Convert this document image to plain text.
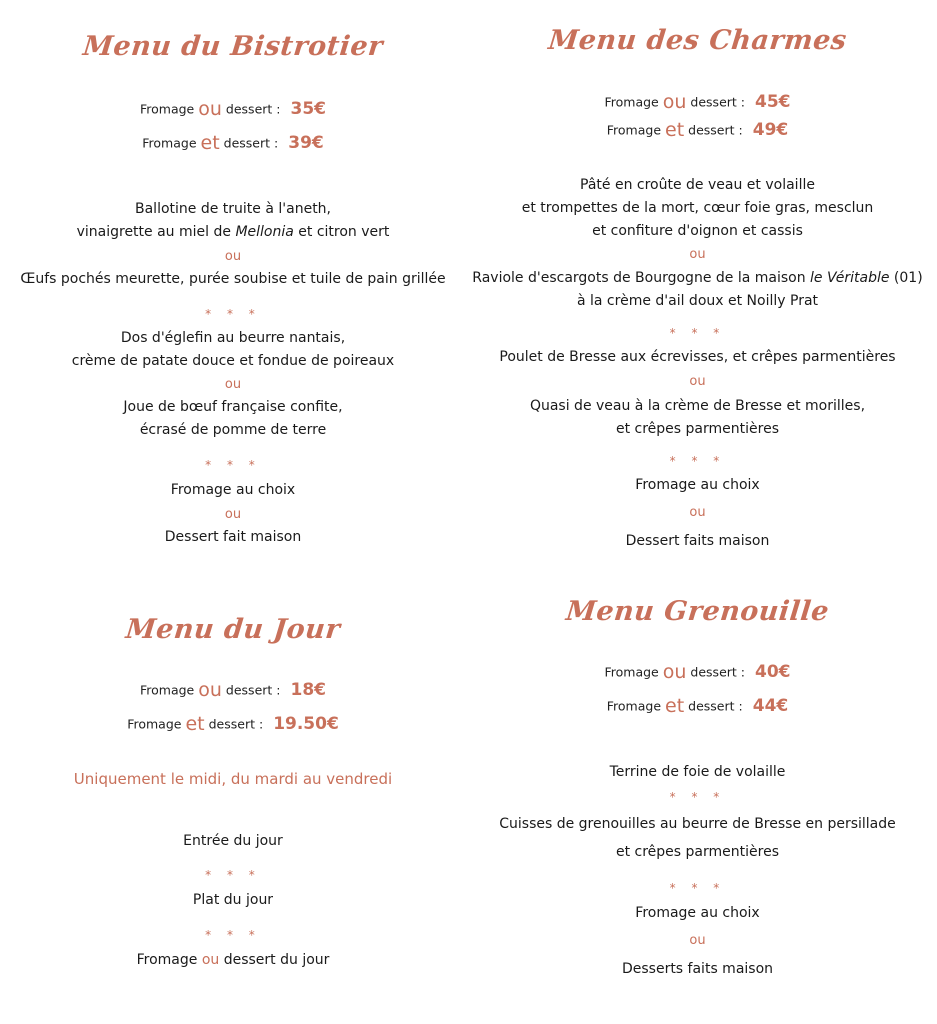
Menu du Bistrotier
Fromage ou dessert : 35€
Fromage et dessert : 39€
Ballotine de truite à l'aneth,
vinaigrette au miel de Mellonia et citron vert
ou
Œufs pochés meurette, purée soubise et tuile de pain grillée
* * *
Dos d'églefin au beurre nantais,
crème de patate douce et fondue de poireaux
ou
Joue de bœuf française confite,
écrasé de pomme de terre
* * *
Fromage au choix
ou
Dessert fait maison
Menu des Charmes
Fromage ou dessert : 45€
Fromage et dessert : 49€
Pâté en croûte de veau et volaille
et trompettes de la mort, cœur foie gras, mesclun
et confiture d'oignon et cassis
ou
Raviole d'escargots de Bourgogne de la maison le Véritable (01)
à la crème d'ail doux et Noilly Prat
* * *
Poulet de Bresse aux écrevisses, et crêpes parmentières
ou
Quasi de veau à la crème de Bresse et morilles,
et crêpes parmentières
* * *
Fromage au choix
ou
Dessert faits maison
Menu du Jour
Fromage ou dessert : 18€
Fromage et dessert : 19.50€
Uniquement le midi, du mardi au vendredi
Entrée du jour
* * *
Plat du jour
* * *
Fromage ou dessert du jour
Menu Grenouille
Fromage ou dessert : 40€
Fromage et dessert : 44€
Terrine de foie de volaille
* * *
Cuisses de grenouilles au beurre de Bresse en persillade
et crêpes parmentières
* * *
Fromage au choix
ou
Desserts faits maison
